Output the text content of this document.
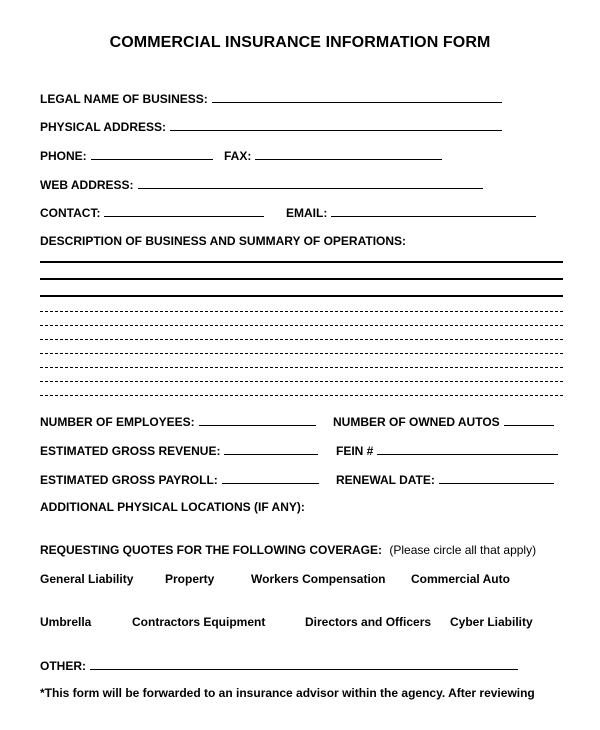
COMMERCIAL INSURANCE INFORMATION FORM
LEGAL NAME OF BUSINESS:
PHYSICAL ADDRESS:
PHONE:	FAX:
WEB ADDRESS:
CONTACT:	EMAIL:
DESCRIPTION OF BUSINESS AND SUMMARY OF OPERATIONS:
NUMBER OF EMPLOYEES:	NUMBER OF OWNED AUTOS
ESTIMATED GROSS REVENUE:	FEIN #
ESTIMATED GROSS PAYROLL:	RENEWAL DATE:
ADDITIONAL PHYSICAL LOCATIONS (IF ANY):
REQUESTING QUOTES FOR THE FOLLOWING COVERAGE: (Please circle all that apply)
General Liability	Property	Workers Compensation Commercial Auto
Umbrella	Contractors Equipment	Directors and Officers Cyber Liability
OTHER:
*This form will be forwarded to an insurance advisor within the agency. After reviewing
